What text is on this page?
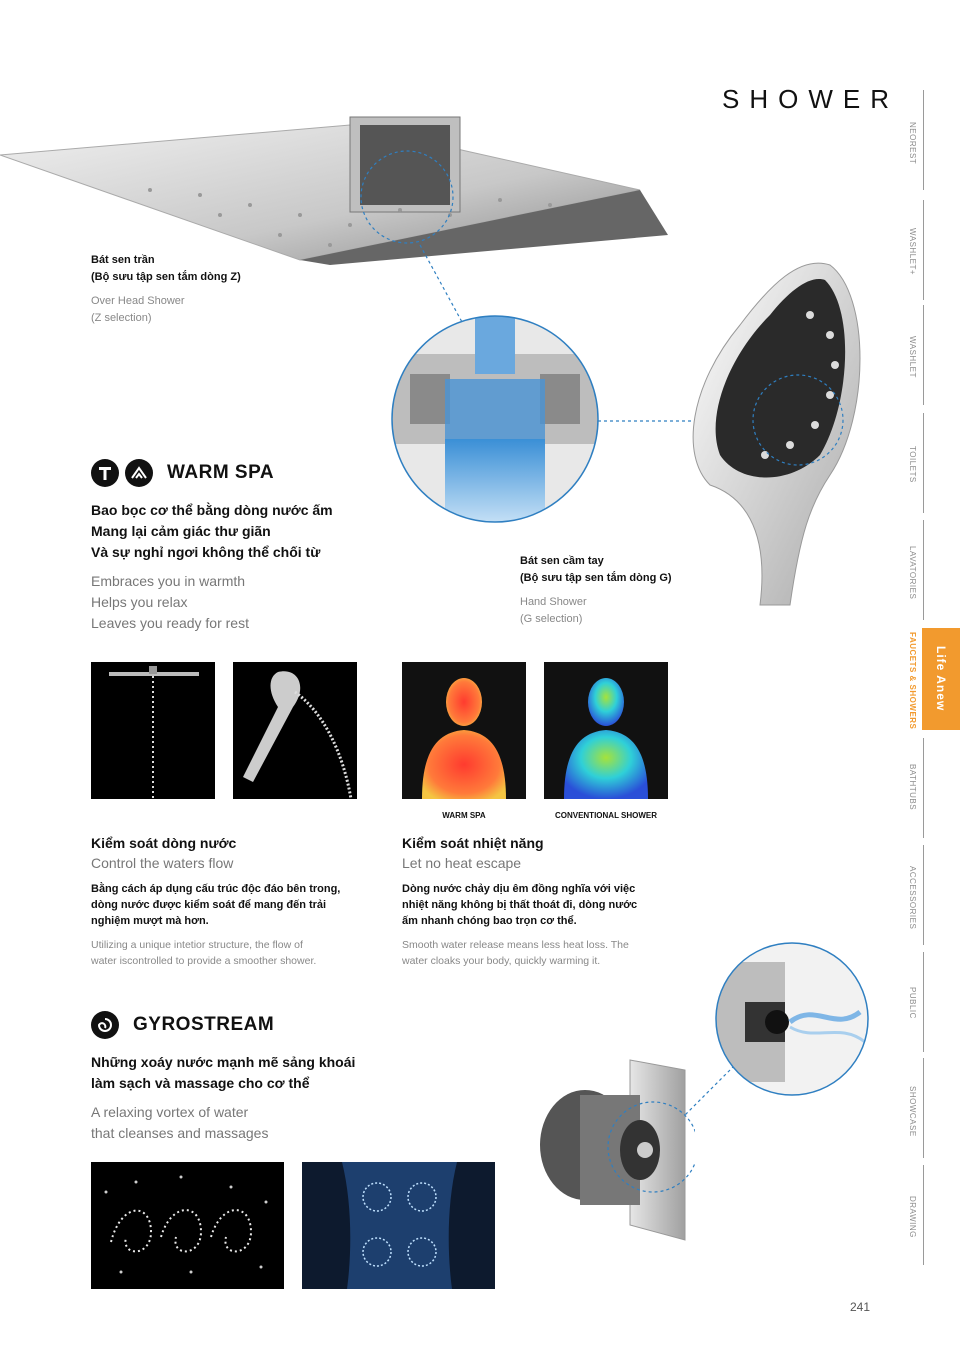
SHOWER
Bát sen trần
(Bộ sưu tập sen tắm dòng Z)
Over Head Shower
(Z selection)
Bát sen cầm tay
(Bộ sưu tập sen tắm dòng G)
Hand Shower
(G selection)
WARM SPA
Bao bọc cơ thể bằng dòng nước ấm
Mang lại cảm giác thư giãn
Và sự nghỉ ngơi không thể chối từ
Embraces you in warmth
Helps you relax
Leaves you ready for rest
WARM SPA	CONVENTIONAL SHOWER
Kiểm soát dòng nước
Control the waters flow
Bằng cách áp dụng cấu trúc độc đáo bên trong,
dòng nước được kiểm soát để mang đến trải
nghiệm mượt mà hơn.
Utilizing a unique intetior structure, the flow of
water iscontrolled to provide a smoother shower.
Kiểm soát nhiệt năng
Let no heat escape
Dòng nước chảy dịu êm đồng nghĩa với việc
nhiệt năng không bị thất thoát đi, dòng nước
ấm nhanh chóng bao trọn cơ thể.
Smooth water release means less heat loss. The
water cloaks your body, quickly warming it.
GYROSTREAM
Những xoáy nước mạnh mẽ sảng khoái
làm sạch và massage cho cơ thể
A relaxing vortex of water
that cleanses and massages
NEOREST
WASHLET+
WASHLET
TOILETS
LAVATORIES
FAUCETS & SHOWERS
BATHTUBS
ACCESSORIES
PUBLIC
SHOWCASE
DRAWING
Life Anew
241
